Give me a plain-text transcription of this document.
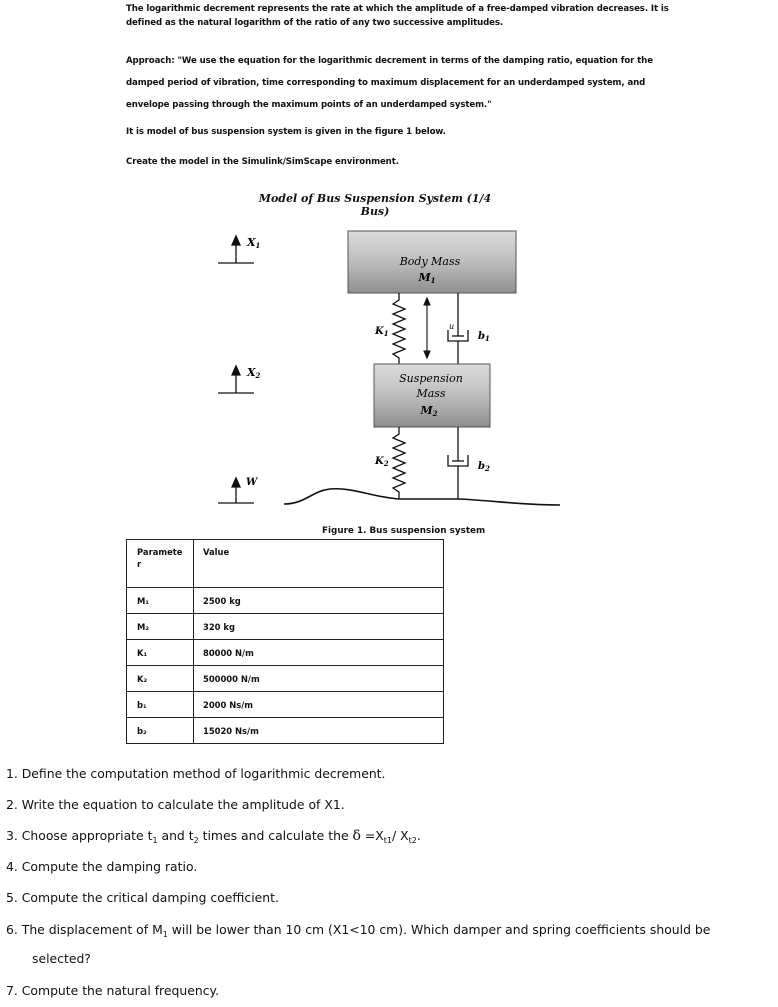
The logarithmic decrement represents the rate at which the amplitude of a free-damped vibration decreases. It is defined as the natural logarithm of the ratio of any two successive amplitudes.
Approach: "We use the equation for the logarithmic decrement in terms of the damping ratio, equation for the damped period of vibration, time corresponding to maximum displacement for an underdamped system, and envelope passing through the maximum points of an underdamped system."
It is model of bus suspension system is given in the figure 1 below.
Create the model in the Simulink/SimScape environment.
Model of Bus Suspension System (1/4 Bus)
X1
X2
W
Body Mass
M1
$K_1$
u
$b_1$
Suspension
Mass
M2
$K_2$	$b_2$
Figure 1. Bus suspension system
Paramete
r	Value
M₁	2500 kg
M₂	320 kg
K₁	80000 N/m
K₂	500000 N/m
b₁	2000 Ns/m
b₂	15020 Ns/m
1. Define the computation method of logarithmic decrement.
2. Write the equation to calculate the amplitude of X1.
3. Choose appropriate $t_1$ and $t_2$ times and calculate the $\delta =X_{t1}/$ $X_{t2}$.
4. Compute the damping ratio.
5. Compute the critical damping coefficient.
6. The displacement of $M_1$ will be lower than 10 cm (X1<10 cm). Which damper and spring coefficients should be
selected?
7. Compute the natural frequency.
